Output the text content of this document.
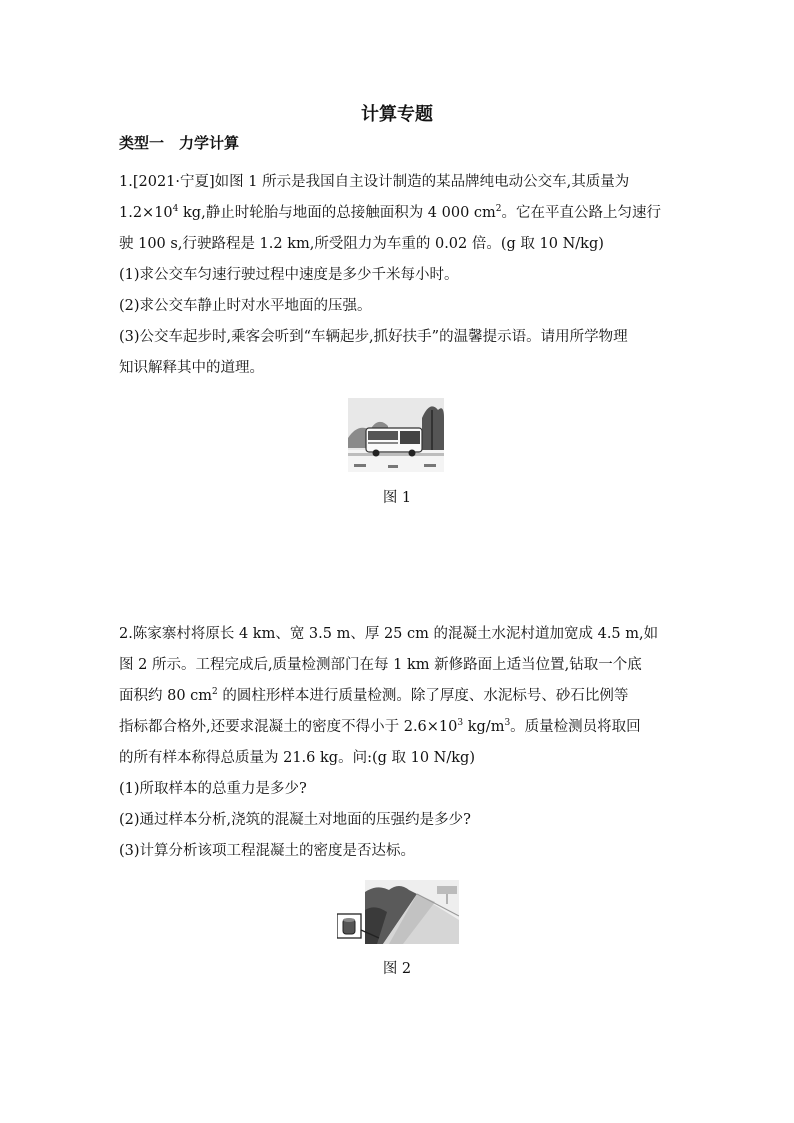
计算专题
类型一　力学计算
1.[2021·宁夏]如图 1 所示是我国自主设计制造的某品牌纯电动公交车,其质量为
$1.2\times 10^4$ kg,静止时轮胎与地面的总接触面积为 4 000 $cm^2$。它在平直公路上匀速行
驶 100 s,行驶路程是 1.2 km,所受阻力为车重的 0.02 倍。(g 取 10 N/kg)
(1)求公交车匀速行驶过程中速度是多少千米每小时。
(2)求公交车静止时对水平地面的压强。
(3)公交车起步时,乘客会听到“车辆起步,抓好扶手”的温馨提示语。请用所学物理
知识解释其中的道理。
图 1
2.陈家寨村将原长 4 km、宽 3.5 m、厚 25 cm 的混凝土水泥村道加宽成 4.5 m,如
图 2 所示。工程完成后,质量检测部门在每 1 km 新修路面上适当位置,钻取一个底
面积约 80 $cm^2$ 的圆柱形样本进行质量检测。除了厚度、水泥标号、砂石比例等
指标都合格外,还要求混凝土的密度不得小于 $2.6\times 10^3$ $kg/m^3$。质量检测员将取回
的所有样本称得总质量为 21.6 kg。问:(g 取 10 N/kg)
(1)所取样本的总重力是多少?
(2)通过样本分析,浇筑的混凝土对地面的压强约是多少?
(3)计算分析该项工程混凝土的密度是否达标。
图 2
